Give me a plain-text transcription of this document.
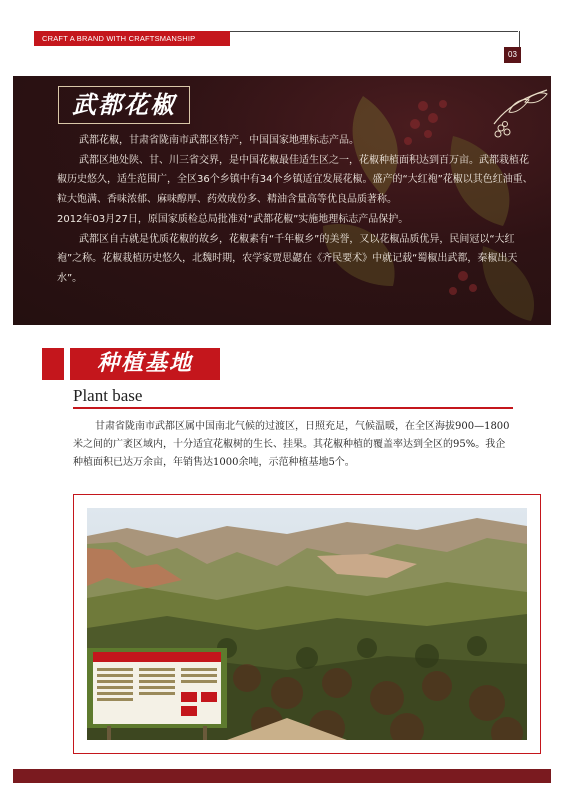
CRAFT A BRAND WITH CRAFTSMANSHIP
03
武都花椒

武都花椒，甘肃省陇南市武都区特产，中国国家地理标志产品。

武都区地处陕、甘、川三省交界，是中国花椒最佳适生区之一，花椒种植面积达到百万亩。武都栽植花椒历史悠久，适生范围广，全区36个乡镇中有34个乡镇适宜发展花椒。盛产的“大红袍”花椒以其色红油重、粒大饱满、香味浓郁、麻味醇厚、药效成份多、精油含量高等优良品质著称。

2012年03月27日，原国家质检总局批准对“武都花椒”实施地理标志产品保护。

武都区自古就是优质花椒的故乡，花椒素有“千年椒乡”的美誉，又以花椒品质优异，民间冠以“大红袍”之称。花椒栽植历史悠久，北魏时期，农学家贾思勰在《齐民要术》中就记载“蜀椒出武都，秦椒出天水”。

种植基地
Plant base

甘肃省陇南市武都区属中国南北气候的过渡区，日照充足，气候温暖，在全区海拔900—1800米之间的广袤区域内，十分适宜花椒树的生长、挂果。其花椒种植的覆盖率达到全区的95%。我企种植面积已达万余亩，年销售达1000余吨，示范种植基地5个。
